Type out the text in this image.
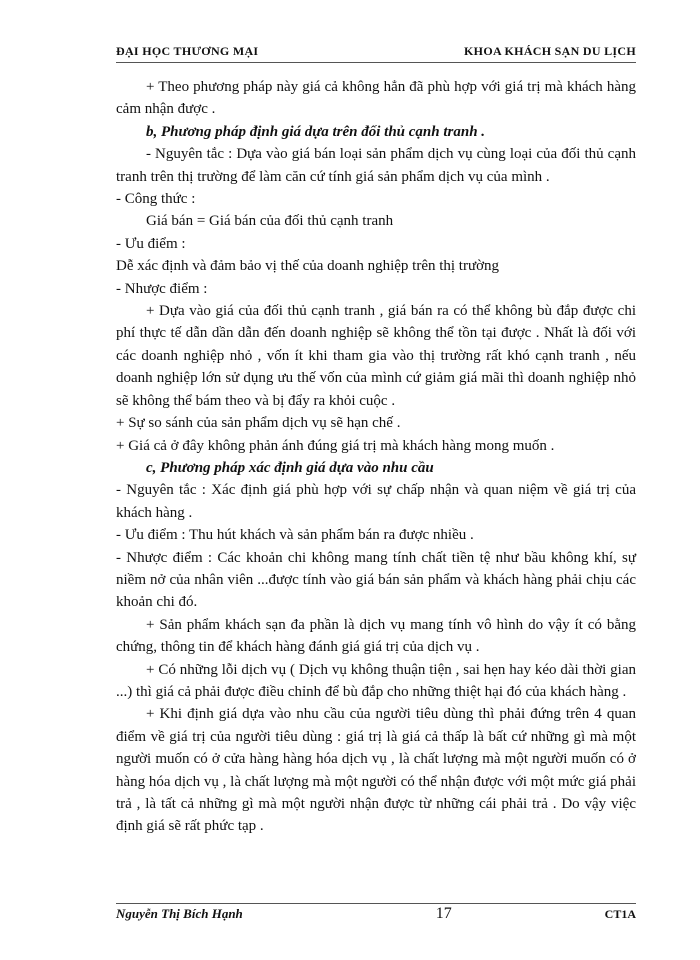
ĐẠI HỌC THƯƠNG MẠI	KHOA KHÁCH SẠN DU LỊCH

+ Theo phương pháp này giá cả không hẳn đã phù hợp với giá trị mà khách hàng cảm nhận được .

b, Phương pháp định giá dựa trên đối thủ cạnh tranh .

- Nguyên tắc : Dựa vào giá bán loại sản phẩm dịch vụ cùng loại của đối thủ cạnh tranh trên thị trường để làm căn cứ tính giá sản phẩm dịch vụ của mình .

- Công thức :

Giá bán = Giá bán của đối thủ cạnh tranh

- Ưu điểm :

Dễ xác định và đảm bảo vị thế của doanh nghiệp trên thị trường

- Nhược điểm :

+ Dựa vào giá của đối thủ cạnh tranh , giá bán ra có thể không bù đắp được chi phí thực tế dẫn dần dẫn đến doanh nghiệp sẽ không thể tồn tại được . Nhất là đối với các doanh nghiệp nhỏ , vốn ít khi tham gia vào thị trường rất khó cạnh tranh , nếu doanh nghiệp lớn sử dụng ưu thế vốn của mình cứ giảm giá mãi thì doanh nghiệp nhỏ sẽ không thể bám theo và bị đẩy ra khỏi cuộc .

+ Sự so sánh của sản phẩm dịch vụ sẽ hạn chế .

+ Giá cả ở đây không phản ánh đúng giá trị mà khách hàng mong muốn .

c, Phương pháp xác định giá dựa vào nhu cầu

- Nguyên tắc : Xác định giá phù hợp với sự chấp nhận và quan niệm về giá trị của khách hàng .

- Ưu điểm : Thu hút khách và sản phẩm bán ra được nhiều .

- Nhược điểm : Các khoản chi không mang tính chất tiền tệ như bầu không khí, sự niềm nở của nhân viên ...được tính vào giá bán sản phẩm và khách hàng phải chịu các khoản chi đó.

+ Sản phẩm khách sạn đa phần là dịch vụ mang tính vô hình do vậy ít có bằng chứng, thông tin để khách hàng đánh giá giá trị của dịch vụ .

+ Có những lỗi dịch vụ ( Dịch vụ không thuận tiện , sai hẹn hay kéo dài thời gian ...) thì giá cả phải được điều chỉnh để bù đắp cho những thiệt hại đó của khách hàng .

+ Khi định giá dựa vào nhu cầu của người tiêu dùng thì phải đứng trên 4 quan điểm về giá trị của người tiêu dùng : giá trị là giá cả thấp là bất cứ những gì mà một người muốn có ở cửa hàng hàng hóa dịch vụ , là chất lượng mà một người muốn có ở hàng hóa dịch vụ , là chất lượng mà một người có thể nhận được với một mức giá phải trả , là tất cả những gì mà một người nhận được từ những cái phải trả . Do vậy việc định giá sẽ rất phức tạp .

Nguyễn Thị Bích Hạnh	17	CT1A
